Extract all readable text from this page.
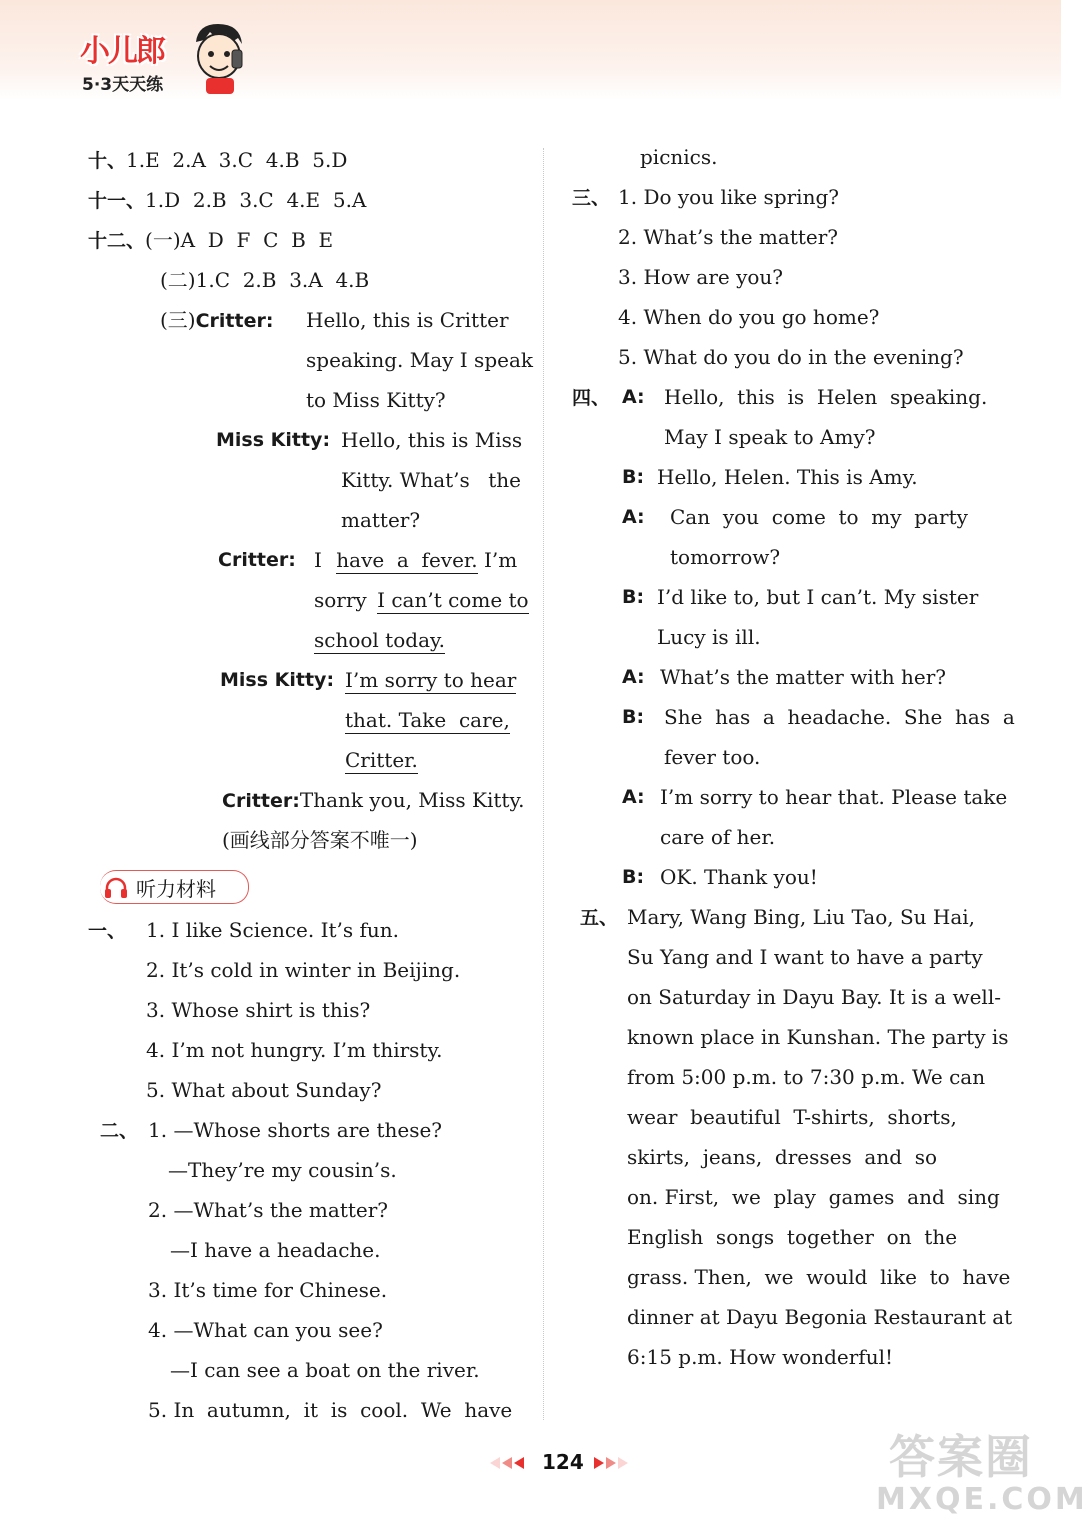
小儿郎
5·3天天练
十、1.E  2.A  3.C  4.B  5.D
十一、1.D  2.B  3.C  4.E  5.A
十二、(一)A  D  F  C  B  E
(二)1.C  2.B  3.A  4.B
(三)Critter: Hello, this is Critter
speaking. May I speak
to Miss Kitty?
Miss Kitty: Hello, this is Miss
Kitty. What’s the
matter?
Critter: I have  a  fever. I’m
sorry I can’t come to
school today.
Miss Kitty: I’m sorry to hear
that. Take  care,
Critter.
Critter:Thank you, Miss Kitty.
(画线部分答案不唯一)
一、 1. I like Science. It’s fun.
2. It’s cold in winter in Beijing.
3. Whose shirt is this?
4. I’m not hungry. I’m thirsty.
5. What about Sunday?
二、 1. —Whose shorts are these?
—They’re my cousin’s.
2. —What’s the matter?
—I have a headache.
3. It’s time for Chinese.
4. —What can you see?
—I can see a boat on the river.
5. In  autumn,  it  is  cool.  We  have
听力材料
picnics.
三、 1. Do you like spring?
2. What’s the matter?
3. How are you?
4. When do you go home?
5. What do you do in the evening?
四、 A: Hello,  this  is  Helen  speaking.
May I speak to Amy?
B: Hello, Helen. This is Amy.
A: Can  you  come  to  my  party
tomorrow?
B: I’d like to, but I can’t. My sister
Lucy is ill.
A: What’s the matter with her?
B: She  has  a  headache.  She  has  a
fever too.
A: I’m sorry to hear that. Please take
care of her.
B: OK. Thank you!
五、 Mary, Wang Bing, Liu Tao, Su Hai,
Su Yang and I want to have a party
on Saturday in Dayu Bay. It is a well-
known place in Kunshan. The party is
from 5:00 p.m. to 7:30 p.m. We can
wear  beautiful  T-shirts,  shorts,
skirts,  jeans,  dresses  and  so
on. First,  we  play  games  and  sing
English  songs  together  on  the
grass. Then,  we  would  like  to  have
dinner at Dayu Begonia Restaurant at
6:15 p.m. How wonderful!
124	答案圈
MXQE.COM
